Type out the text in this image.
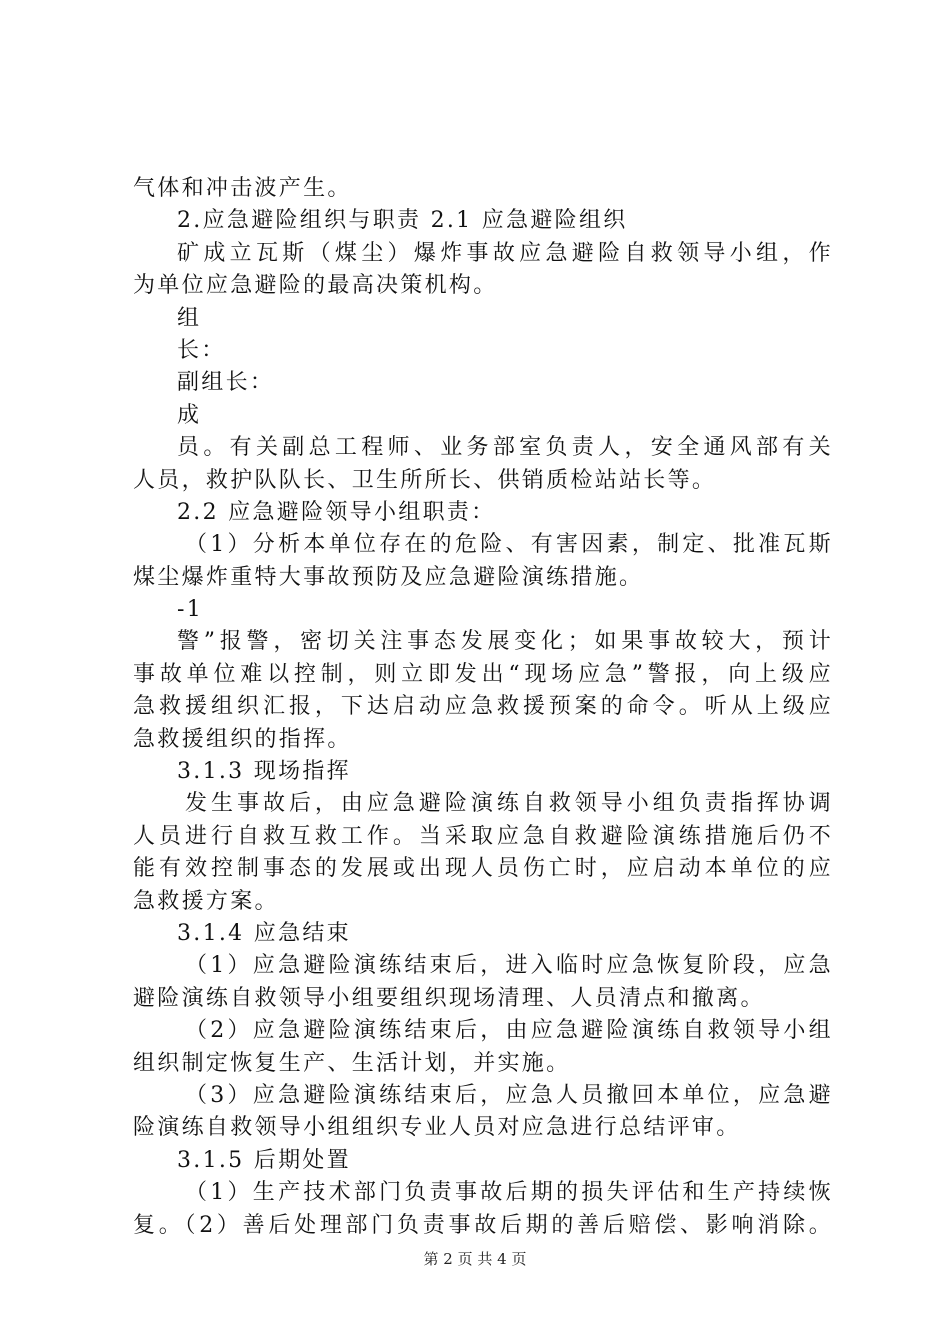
气体和冲击波产生。
2.应急避险组织与职责 2.1 应急避险组织
矿成立瓦斯（煤尘）爆炸事故应急避险自救领导小组，作
为单位应急避险的最高决策机构。
组
长：
副组长：
成
员。有关副总工程师、业务部室负责人，安全通风部有关
人员，救护队队长、卫生所所长、供销质检站站长等。
2.2 应急避险领导小组职责：
（1）分析本单位存在的危险、有害因素，制定、批准瓦斯
煤尘爆炸重特大事故预防及应急避险演练措施。
-1
警”报警，密切关注事态发展变化；如果事故较大，预计
事故单位难以控制，则立即发出“现场应急”警报，向上级应
急救援组织汇报，下达启动应急救援预案的命令。听从上级应
急救援组织的指挥。
3.1.3 现场指挥
发生事故后，由应急避险演练自救领导小组负责指挥协调
人员进行自救互救工作。当采取应急自救避险演练措施后仍不
能有效控制事态的发展或出现人员伤亡时，应启动本单位的应
急救援方案。
3.1.4 应急结束
（1）应急避险演练结束后，进入临时应急恢复阶段，应急
避险演练自救领导小组要组织现场清理、人员清点和撤离。
（2）应急避险演练结束后，由应急避险演练自救领导小组
组织制定恢复生产、生活计划，并实施。
（3）应急避险演练结束后，应急人员撤回本单位，应急避
险演练自救领导小组组织专业人员对应急进行总结评审。
3.1.5 后期处置
（1）生产技术部门负责事故后期的损失评估和生产持续恢
复。（2）善后处理部门负责事故后期的善后赔偿、影响消除。
第 2 页 共 4 页
